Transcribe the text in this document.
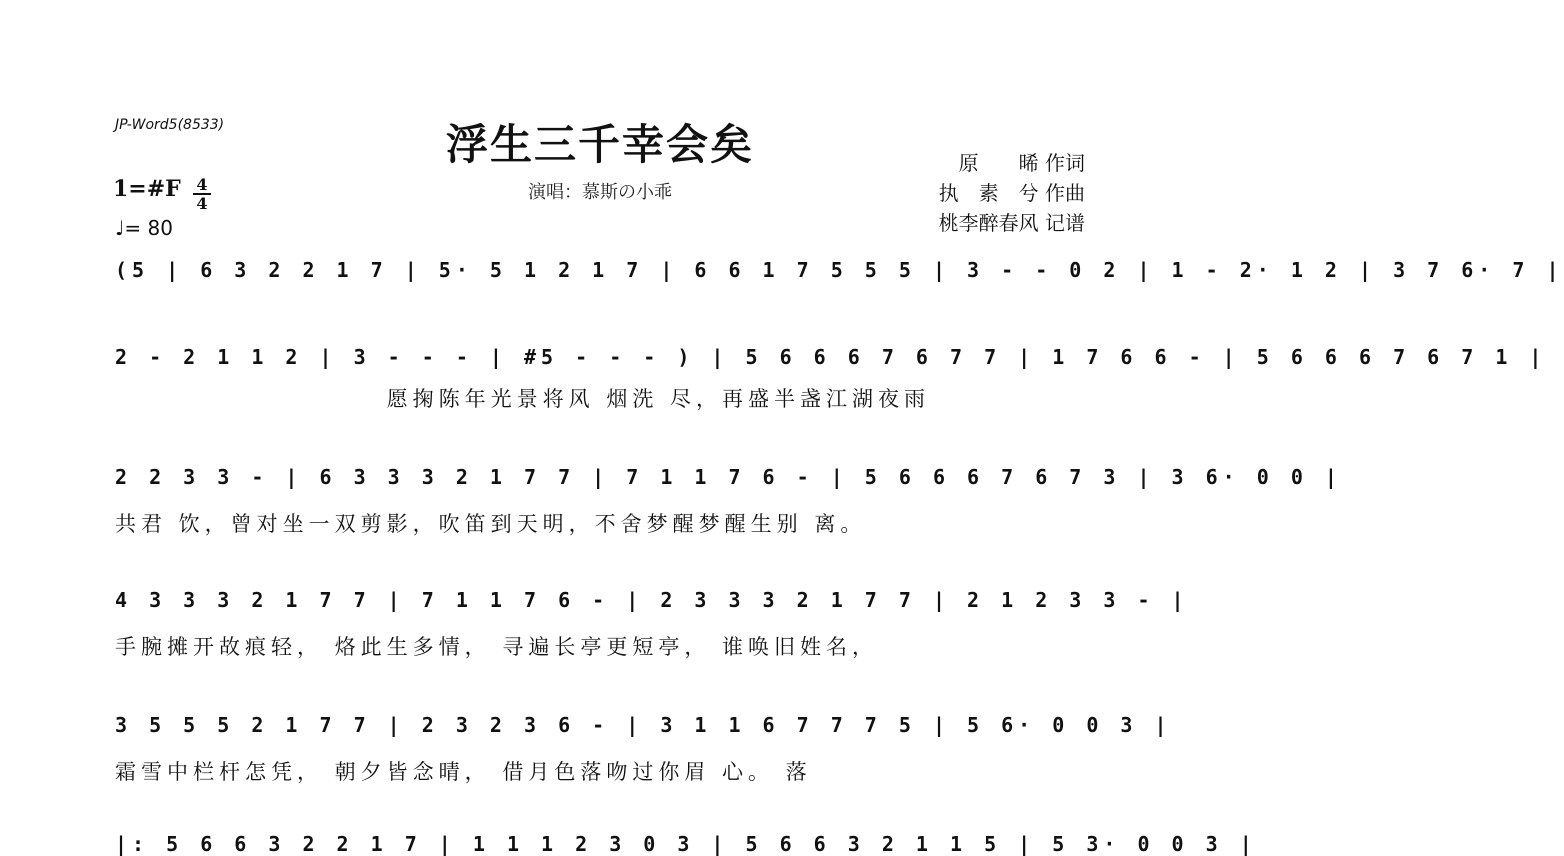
JP-Word5(8533)	浮生三千幸会矣
演唱：慕斯の小乖
原　　晞 作词
执　素　兮 作曲
桃李醉春风 记谱
1=#F 4
4
♩= 80
(5 | 6 3 2 2 1 7 | 5· 5 1 2 1 7 | 6 6 1 7 5 5 5 | 3 - - 0 2 | 1 - 2· 1 2 | 3 7 6· 7 |
2 - 2 1 1 2 | 3 - - - | #5 - - - ) | 5 6 6 6 7 6 7 7 | 1 7 6 6 - | 5 6 6 6 7 6 7 1 |
　　　　　　　　　　 愿掬陈年光景将风 烟洗 尽，再盛半盏江湖夜雨
2 2 3 3 - | 6 3 3 3 2 1 7 7 | 7 1 1 7 6 - | 5 6 6 6 7 6 7 3 | 3 6· 0 0 |
共君 饮，曾对坐一双剪影，吹笛到天明，不舍梦醒梦醒生别 离。
4 3 3 3 2 1 7 7 | 7 1 1 7 6 - | 2 3 3 3 2 1 7 7 | 2 1 2 3 3 - |
手腕摊开故痕轻， 烙此生多情， 寻遍长亭更短亭， 谁唤旧姓名，
3 5 5 5 2 1 7 7 | 2 3 2 3 6 - | 3 1 1 6 7 7 7 5 | 5 6· 0 0 3 |
霜雪中栏杆怎凭， 朝夕皆念晴， 借月色落吻过你眉 心。 落
|: 5 6 6 3 2 2 1 7 | 1 1 1 2 3 0 3 | 5 6 6 3 2 1 1 5 | 5 3· 0 0 3 |
